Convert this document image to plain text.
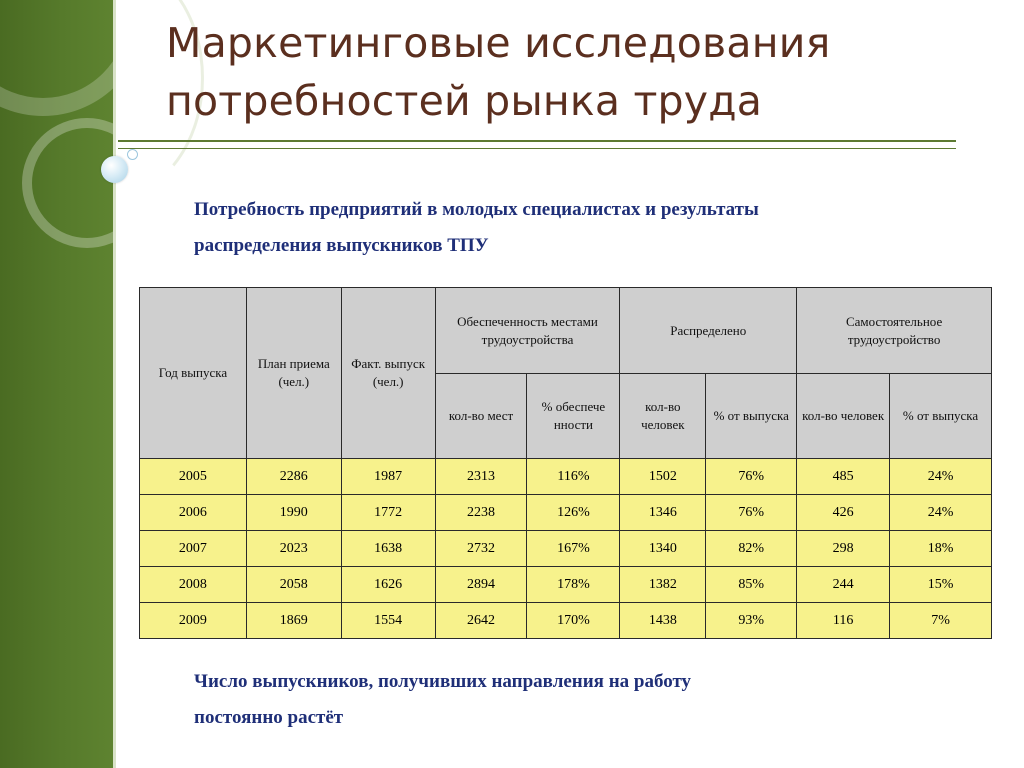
Маркетинговые исследования
потребностей рынка труда
Потребность предприятий в молодых специалистах и результаты
распределения выпускников ТПУ
Год выпуска	План приема (чел.)	Факт. выпуск (чел.)	Обеспеченность местами трудоустройства		Распределено		Самостоятельное трудоустройство	
			кол-во мест	% обеспече нности	кол-во человек	% от выпуска	кол-во человек	% от выпуска
2005	2286	1987	2313	116%	1502	76%	485	24%
2006	1990	1772	2238	126%	1346	76%	426	24%
2007	2023	1638	2732	167%	1340	82%	298	18%
2008	2058	1626	2894	178%	1382	85%	244	15%
2009	1869	1554	2642	170%	1438	93%	116	7%
Число выпускников, получивших направления на работу
постоянно растёт
